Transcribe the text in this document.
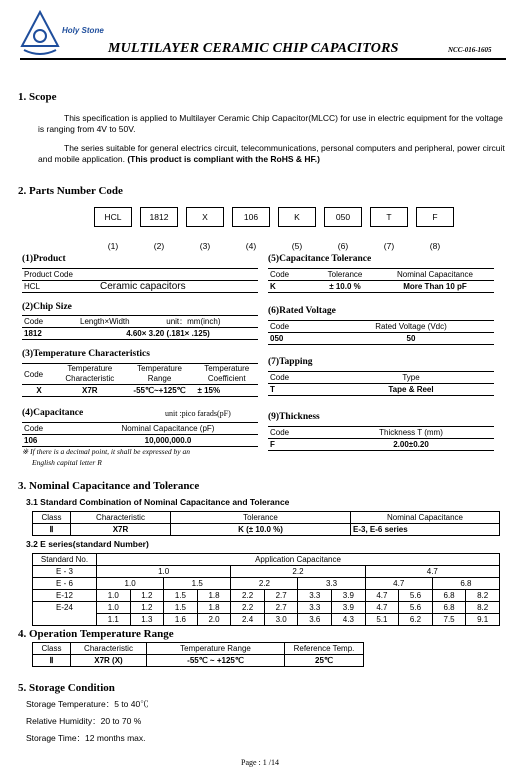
Holy Stone
MULTILAYER CERAMIC CHIP CAPACITORS	NCC-016-1605
1. Scope
This specification is applied to Multilayer Ceramic Chip Capacitor(MLCC) for use in electric equipment for the voltage is ranging from 4V to 50V.
The series suitable for general electrics circuit, telecommunications, personal computers and peripheral, power circuit and mobile application. (This product is compliant with the RoHS & HF.)
2. Parts Number Code
HCL	1812	X	106	K	050	T	F
(1)	(2)	(3)	(4)	(5)	(6)	(7)	(8)
(1)Product
Product Code	
HCL	Ceramic capacitors
(2)Chip Size
Code	Length×Width	unit：mm(inch)
1812	4.60× 3.20 (.181× .125)	
(3)Temperature Characteristics
Code	Temperature	Temperature	Temperature
	Characteristic	Range	Coefficient
X	X7R	-55℃~+125℃	± 15%
(4)Capacitance	unit :pico farads(pF)
Code	Nominal Capacitance (pF)
106	10,000,000.0
※ If there is a decimal point, it shall be expressed by an
English capital letter R
(5)Capacitance Tolerance
Code	Tolerance	Nominal Capacitance
K	± 10.0 %	More Than 10 pF
(6)Rated Voltage
Code	Rated Voltage (Vdc)
050	50
(7)Tapping
Code	Type
T	Tape & Reel
(9)Thickness
Code	Thickness T (mm)
F	2.00±0.20
3. Nominal Capacitance and Tolerance
3.1 Standard Combination of Nominal Capacitance and Tolerance
Class	Characteristic	Tolerance	Nominal Capacitance
Ⅱ	X7R	K (± 10.0 %)	E-3, E-6 series
3.2 E series(standard Number)
Standard No.	Application Capacitance											
E - 3	1.0				2.2				4.7			
E - 6	1.0		1.5		2.2		3.3		4.7		6.8	
E-12	1.0	1.2	1.5	1.8	2.2	2.7	3.3	3.9	4.7	5.6	6.8	8.2
E-24	1.0	1.2	1.5	1.8	2.2	2.7	3.3	3.9	4.7	5.6	6.8	8.2
	1.1	1.3	1.6	2.0	2.4	3.0	3.6	4.3	5.1	6.2	7.5	9.1
4. Operation Temperature Range
Class	Characteristic	Temperature Range	Reference Temp.
Ⅱ	X7R (X)	-55℃ ~ +125℃	25℃
5. Storage Condition
Storage Temperature：5 to 40℃
Relative Humidity：20 to 70 %
Storage Time：12 months max.
Page : 1 /14
